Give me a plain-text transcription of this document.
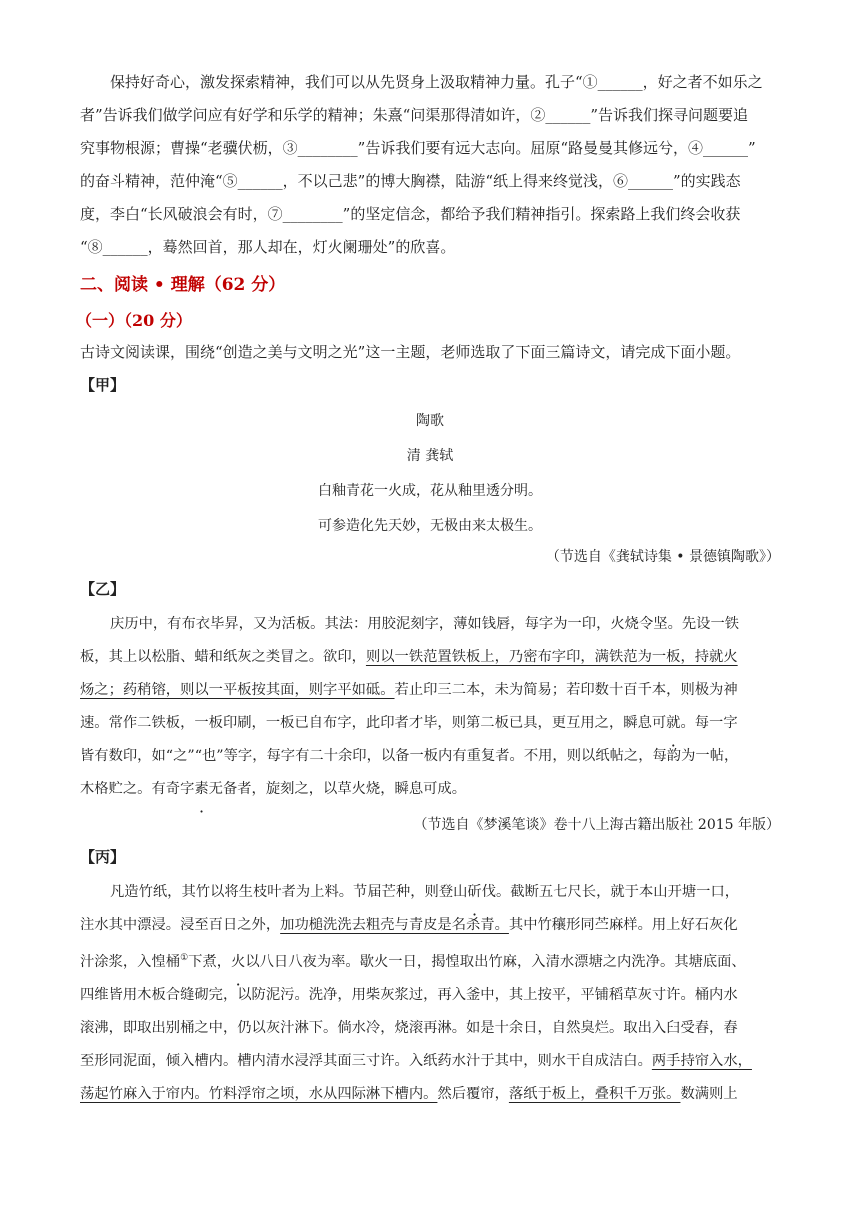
保持好奇心，激发探索精神，我们可以从先贤身上汲取精神力量。孔子“①______，好之者不如乐之
者”告诉我们做学问应有好学和乐学的精神；朱熹“问渠那得清如许，②______”告诉我们探寻问题要追
究事物根源；曹操“老骥伏枥，③________”告诉我们要有远大志向。屈原“路曼曼其修远兮，④______”
的奋斗精神，范仲淹“⑤______，不以己悲”的博大胸襟，陆游“纸上得来终觉浅，⑥______”的实践态
度，李白“长风破浪会有时，⑦________”的坚定信念，都给予我们精神指引。探索路上我们终会收获
“⑧______，蓦然回首，那人却在，灯火阑珊处”的欣喜。

二、阅读 • 理解（62 分）
（一）（20 分）
古诗文阅读课，围绕“创造之美与文明之光”这一主题，老师选取了下面三篇诗文，请完成下面小题。
【甲】
陶歌
清 龚轼
白釉青花一火成，花从釉里透分明。
可参造化先天妙，无极由来太极生。
（节选自《龚轼诗集 • 景德镇陶歌》）
【乙】
庆历中，有布衣毕昇，又为活板。其法：用胶泥刻字，薄如钱唇，每字为一印，火烧令坚。先设一铁
板，其上以松脂、蜡和纸灰之类冒之。欲印，则以一铁范置铁板上，乃密布字印，满铁范为一板，持就火
炀之；药稍镕，则以一平板按其面，则字平如砥。若止印三二本，未为简易；若印数十百千本，则极为神
速。常作二铁板，一板印刷，一板已自布字，此印者才毕，则第二板已具，更互用之，瞬息可就。每一字
皆有数印，如“之”“也”等字，每字有二十余印，以备一板内有重复者。不用，则以纸帖之，每韵为一帖，
木格贮之。有奇字素无备者，旋刻之，以草火烧，瞬息可成。
（节选自《梦溪笔谈》卷十八上海古籍出版社 2015 年版）
【丙】
凡造竹纸，其竹以将生枝叶者为上料。节届芒种，则登山斫伐。截断五七尺长，就于本山开塘一口，
注水其中漂浸。浸至百日之外，加功槌洗洗去粗壳与青皮是名杀青。其中竹穰形同苎麻样。用上好石灰化
汁涂浆，入惶桶①下煮，火以八日八夜为率。歇火一日，揭惶取出竹麻，入清水漂塘之内洗净。其塘底面、
四维皆用木板合缝砌完，以防泥污。洗净，用柴灰浆过，再入釜中，其上按平，平铺稻草灰寸许。桶内水
滚沸，即取出别桶之中，仍以灰汁淋下。倘水冷，烧滚再淋。如是十余日，自然臭烂。取出入臼受舂，舂
至形同泥面，倾入槽内。槽内清水浸浮其面三寸许。入纸药水汁于其中，则水干自成洁白。两手持帘入水，
荡起竹麻入于帘内。竹料浮帘之顷，水从四际淋下槽内。然后覆帘，落纸于板上，叠积千万张。数满则上
